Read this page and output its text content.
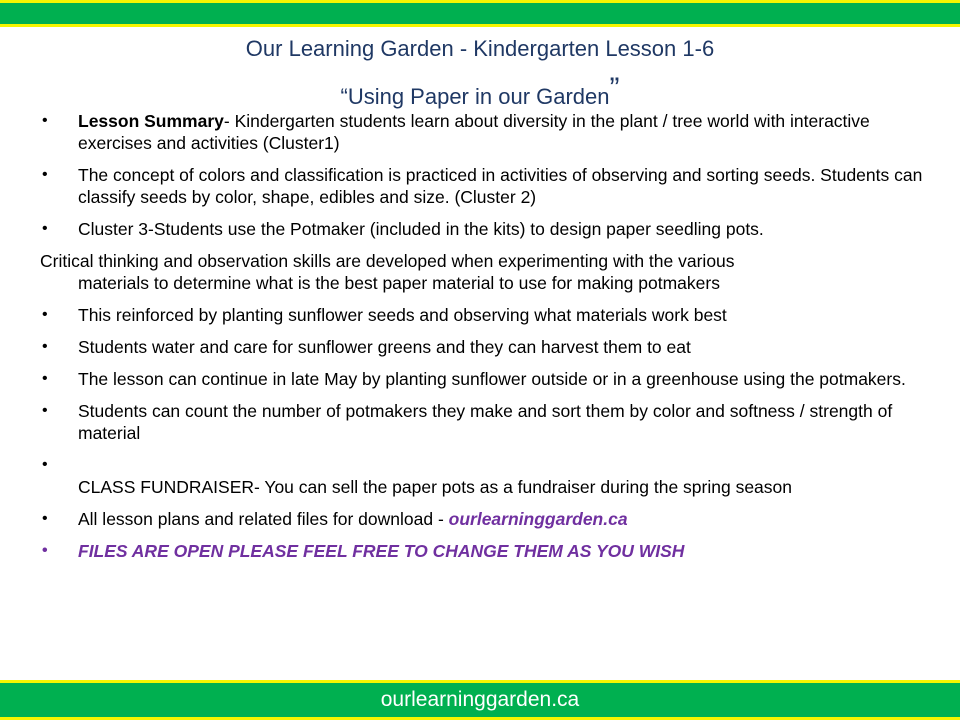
Our Learning Garden - Kindergarten Lesson 1-6
“Using Paper in our Garden”
• Lesson Summary- Kindergarten students learn about diversity in the plant / tree world with interactive exercises and activities (Cluster1)
• The concept of colors and classification is practiced in activities of observing and sorting seeds. Students can classify seeds by color, shape, edibles and size. (Cluster 2)
• Cluster 3-Students use the Potmaker (included in the kits) to design paper seedling pots.
Critical thinking and observation skills are developed when experimenting with the various
materials to determine what is the best paper material to use for making potmakers
• This reinforced by planting sunflower seeds and observing what materials work best
• Students water and care for sunflower greens and they can harvest them to eat
• The lesson can continue in late May by planting sunflower outside or in a greenhouse using the potmakers.
• Students can count the number of potmakers they make and sort them by color and softness / strength of material
•

CLASS FUNDRAISER- You can sell the paper pots as a fundraiser during the spring season
• All lesson plans and related files for download - ourlearninggarden.ca
• FILES ARE OPEN PLEASE FEEL FREE TO CHANGE THEM AS YOU WISH
ourlearninggarden.ca
